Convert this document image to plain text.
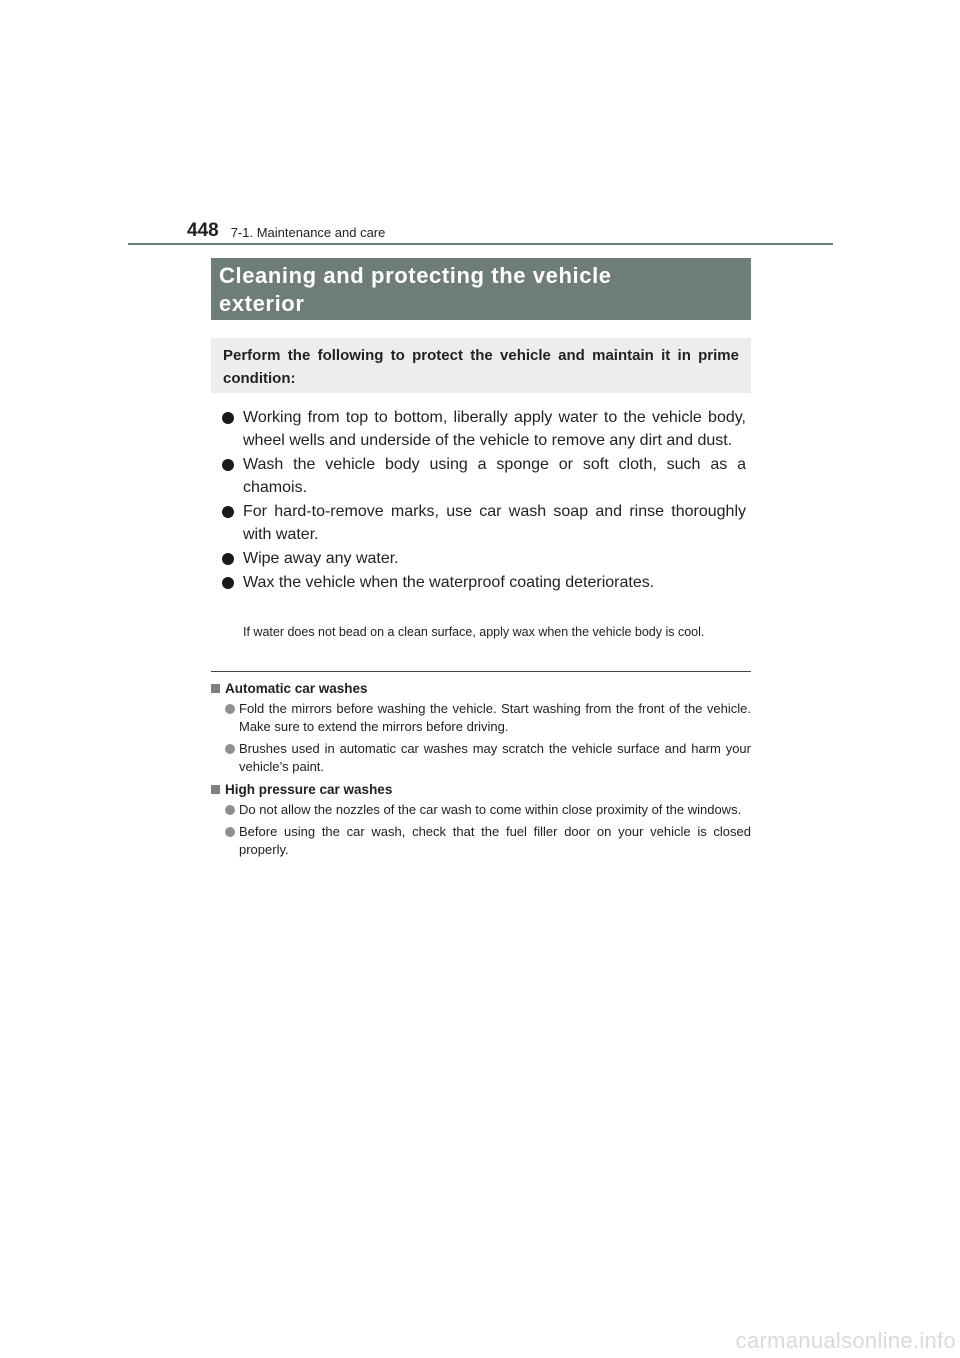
448 7-1. Maintenance and care
Cleaning and protecting the vehicle
exterior
Perform the following to protect the vehicle and maintain it in prime condition:
Working from top to bottom, liberally apply water to the vehicle body, wheel wells and underside of the vehicle to remove any dirt and dust.
Wash the vehicle body using a sponge or soft cloth, such as a chamois.
For hard-to-remove marks, use car wash soap and rinse thoroughly with water.
Wipe away any water.
Wax the vehicle when the waterproof coating deteriorates.
If water does not bead on a clean surface, apply wax when the vehicle body is cool.
Automatic car washes
Fold the mirrors before washing the vehicle. Start washing from the front of the vehicle. Make sure to extend the mirrors before driving.
Brushes used in automatic car washes may scratch the vehicle surface and harm your vehicle’s paint.
High pressure car washes
Do not allow the nozzles of the car wash to come within close proximity of the windows.
Before using the car wash, check that the fuel filler door on your vehicle is closed properly.
carmanualsonline.info
